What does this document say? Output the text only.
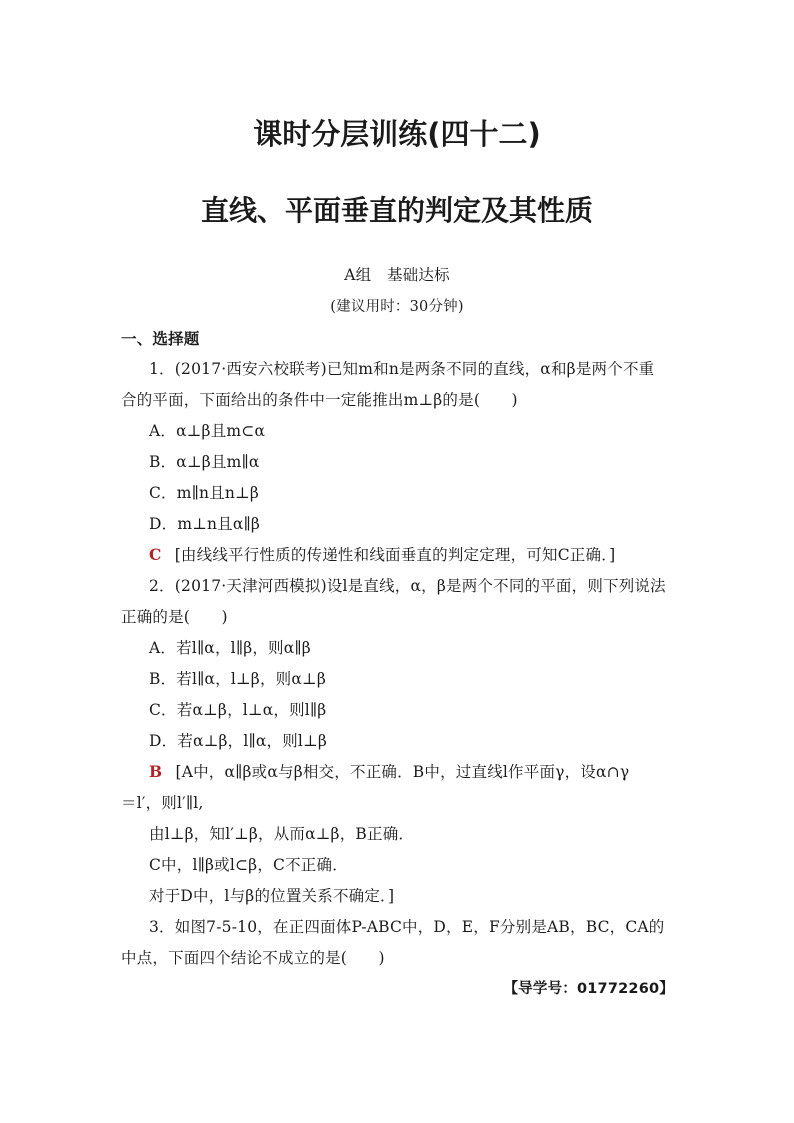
课时分层训练(四十二)
直线、平面垂直的判定及其性质
A组　基础达标
(建议用时：30分钟)
一、选择题
1．(2017·西安六校联考)已知m和n是两条不同的直线，α和β是两个不重
合的平面，下面给出的条件中一定能推出m⊥β的是(　　)
A．α⊥β且m⊂α
B．α⊥β且m∥α
C．m∥n且n⊥β
D．m⊥n且α∥β
C [由线线平行性质的传递性和线面垂直的判定定理，可知C正确．]
2．(2017·天津河西模拟)设l是直线，α，β是两个不同的平面，则下列说法
正确的是(　　)
A．若l∥α，l∥β，则α∥β
B．若l∥α，l⊥β，则α⊥β
C．若α⊥β，l⊥α，则l∥β
D．若α⊥β，l∥α，则l⊥β
B [A中，α∥β或α与β相交，不正确．B中，过直线l作平面γ，设α∩γ
＝l′，则l′∥l,
由l⊥β，知l′⊥β，从而α⊥β，B正确．
C中，l∥β或l⊂β，C不正确．
对于D中，l与β的位置关系不确定．]
3．如图7-5-10，在正四面体P-ABC中，D，E，F分别是AB，BC，CA的
中点，下面四个结论不成立的是(　　)
【导学号：01772260】
